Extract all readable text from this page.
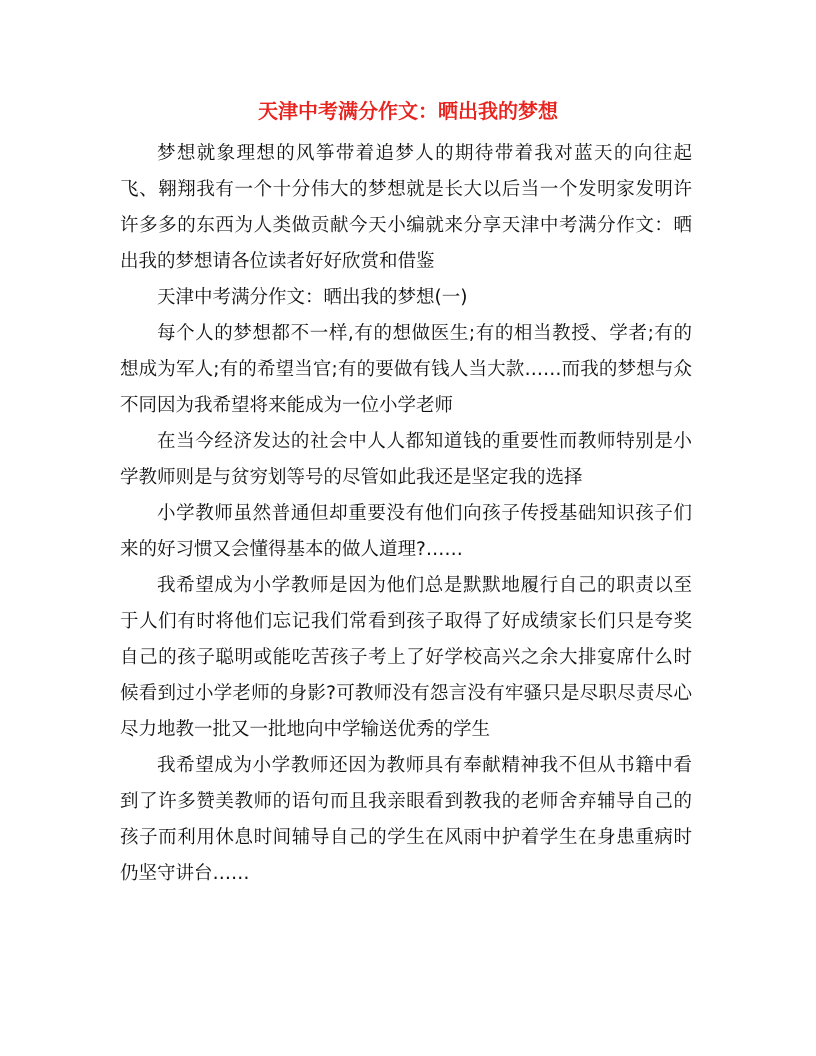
天津中考满分作文：晒出我的梦想

梦想就象理想的风筝带着追梦人的期待带着我对蓝天的向往起飞、翱翔我有一个十分伟大的梦想就是长大以后当一个发明家发明许许多多的东西为人类做贡献今天小编就来分享天津中考满分作文：晒出我的梦想请各位读者好好欣赏和借鉴

天津中考满分作文：晒出我的梦想(一)

每个人的梦想都不一样,有的想做医生;有的相当教授、学者;有的想成为军人;有的希望当官;有的要做有钱人当大款……而我的梦想与众不同因为我希望将来能成为一位小学老师

在当今经济发达的社会中人人都知道钱的重要性而教师特别是小学教师则是与贫穷划等号的尽管如此我还是坚定我的选择

小学教师虽然普通但却重要没有他们向孩子传授基础知识孩子们来的好习惯又会懂得基本的做人道理?……

我希望成为小学教师是因为他们总是默默地履行自己的职责以至于人们有时将他们忘记我们常看到孩子取得了好成绩家长们只是夸奖自己的孩子聪明或能吃苦孩子考上了好学校高兴之余大排宴席什么时候看到过小学老师的身影?可教师没有怨言没有牢骚只是尽职尽责尽心尽力地教一批又一批地向中学输送优秀的学生

我希望成为小学教师还因为教师具有奉献精神我不但从书籍中看到了许多赞美教师的语句而且我亲眼看到教我的老师舍弃辅导自己的孩子而利用休息时间辅导自己的学生在风雨中护着学生在身患重病时仍坚守讲台……
